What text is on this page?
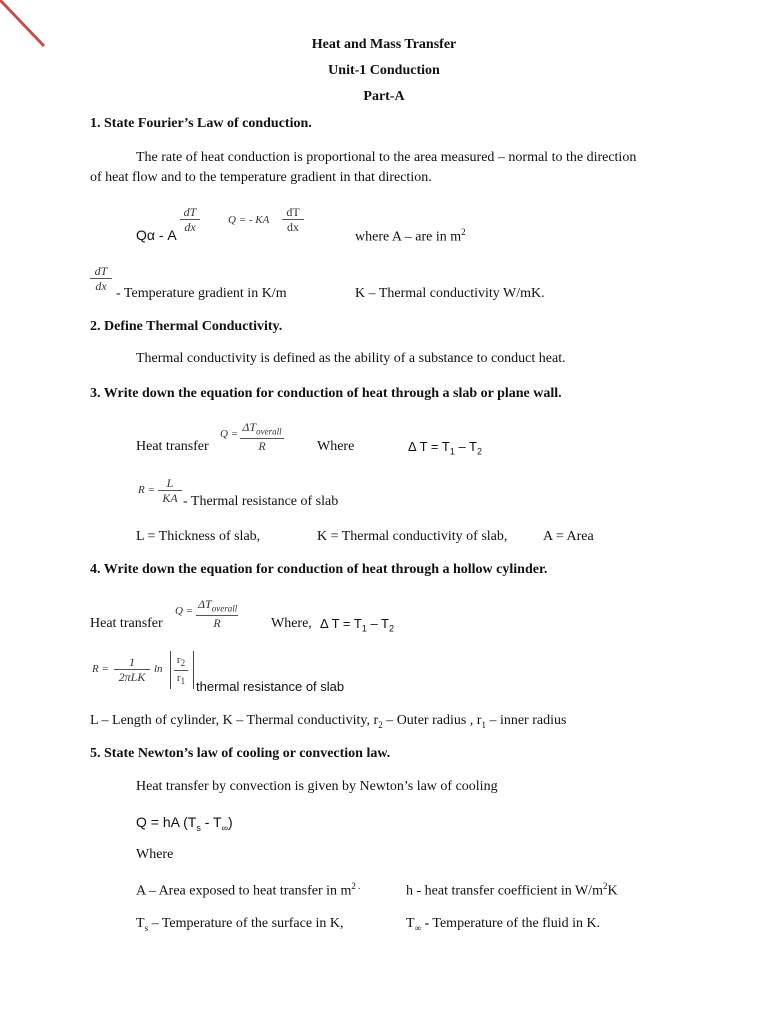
Heat and Mass Transfer
Unit-1 Conduction
Part-A
1. State Fourier’s Law of conduction.
The rate of heat conduction is proportional to the area measured – normal to the direction
of heat flow and to the temperature gradient in that direction.
Qα - A
$\frac{dT}{dx}$	Q = - KA $\frac{dT}{dx}$
where A – are in $m^2$
$\frac{dT}{dx}$
- Temperature gradient in K/m	K – Thermal conductivity W/mK.
2. Define Thermal Conductivity.
Thermal conductivity is defined as the ability of a substance to conduct heat.
3. Write down the equation for conduction of heat through a slab or plane wall.
Heat transfer
$Q = \Delta T_{overall}$
R	Where	Δ $T = T_1 - T_2$
$R = \frac{L}{KA}$ - Thermal resistance of slab
L = Thickness of slab,	K = Thermal conductivity of slab,	A = Area
4. Write down the equation for conduction of heat through a hollow cylinder.
Heat transfer
$Q = \Delta T_{overall}$
R	Where, Δ $T = T_1 - T_2$
R =	1
2πLK
$\ln \frac{r_2}{r_1}$ thermal resistance of slab
L – Length of cylinder, K – Thermal conductivity, $r_2$ – Outer radius , $r_1$ – inner radius
5. State Newton’s law of cooling or convection law.
Heat transfer by convection is given by Newton’s law of cooling
Q = hA $(T_s - T_\infty)$
Where
A – Area exposed to heat transfer in $m^{2 .}$	h - heat transfer coefficient in $W/m^2K$
$T_s$ – Temperature of the surface in K,	$T_\infty$ - Temperature of the fluid in K.
